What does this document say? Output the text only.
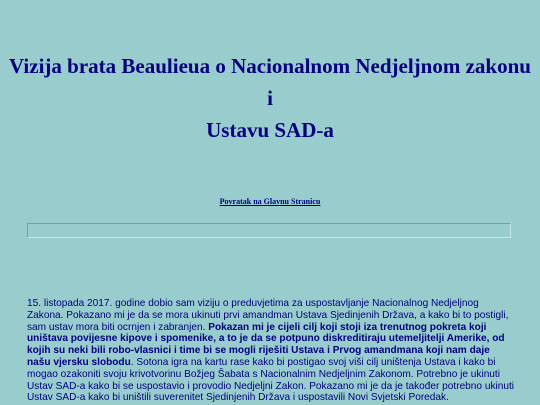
Vizija brata Beaulieua o Nacionalnom Nedjeljnom zakonu
i
Ustavu SAD-a
Povratak na Glavnu Stranicu
15. listopada 2017. godine dobio sam viziju o preduvjetima za uspostavljanje Nacionalnog Nedjeljnog Zakona. Pokazano mi je da se mora ukinuti prvi amandman Ustava Sjedinjenih Država, a kako bi to postigli, sam ustav mora biti ocrnjen i zabranjen. Pokazan mi je cijeli cilj koji stoji iza trenutnog pokreta koji uništava povijesne kipove i spomenike, a to je da se potpuno diskreditiraju utemeljitelji Amerike, od kojih su neki bili robo-vlasnici i time bi se mogli riješiti Ustava i Prvog amandmana koji nam daje našu vjersku slobodu. Sotona igra na kartu rase kako bi postigao svoj viši cilj uništenja Ustava i kako bi mogao ozakoniti svoju krivotvorinu Božjeg Šabata s Nacionalnim Nedjeljnim Zakonom. Potrebno je ukinuti Ustav SAD-a kako bi se uspostavio i provodio Nedjeljni Zakon. Pokazano mi je da je također potrebno ukinuti Ustav SAD-a kako bi uništili suverenitet Sjedinjenih Država i uspostavili Novi Svjetski Poredak.
